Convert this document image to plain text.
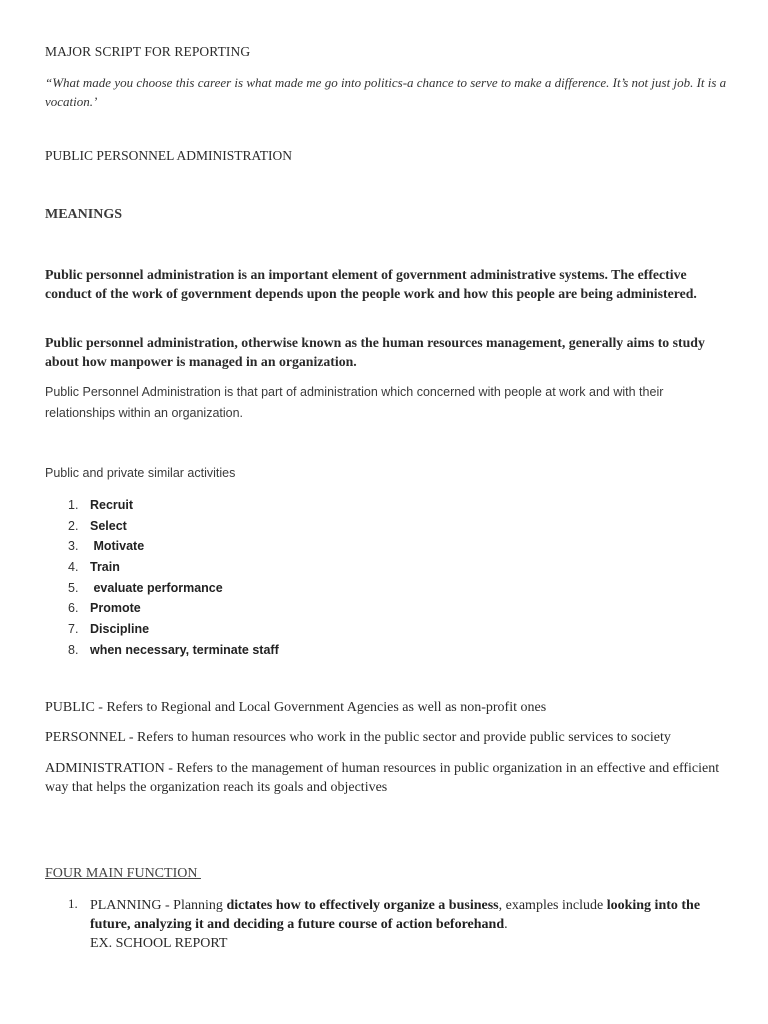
MAJOR SCRIPT FOR REPORTING

“What made you choose this career is what made me go into politics-a chance to serve to make a difference. It’s not just job. It is a vocation.’

PUBLIC PERSONNEL ADMINISTRATION

MEANINGS

Public personnel administration is an important element of government administrative systems. The effective conduct of the work of government depends upon the people work and how this people are being administered.

Public personnel administration, otherwise known as the human resources management, generally aims to study about how manpower is managed in an organization.

Public Personnel Administration is that part of administration which concerned with people at work and with their relationships within an organization.

Public and private similar activities

1. Recruit
2. Select
3. Motivate
4. Train
5. evaluate performance
6. Promote
7. Discipline
8. when necessary, terminate staff

PUBLIC - Refers to Regional and Local Government Agencies as well as non-profit ones

PERSONNEL - Refers to human resources who work in the public sector and provide public services to society

ADMINISTRATION - Refers to the management of human resources in public organization in an effective and efficient way that helps the organization reach its goals and objectives

FOUR MAIN FUNCTION

1. PLANNING - Planning dictates how to effectively organize a business, examples include looking into the future, analyzing it and deciding a future course of action beforehand.
EX. SCHOOL REPORT
